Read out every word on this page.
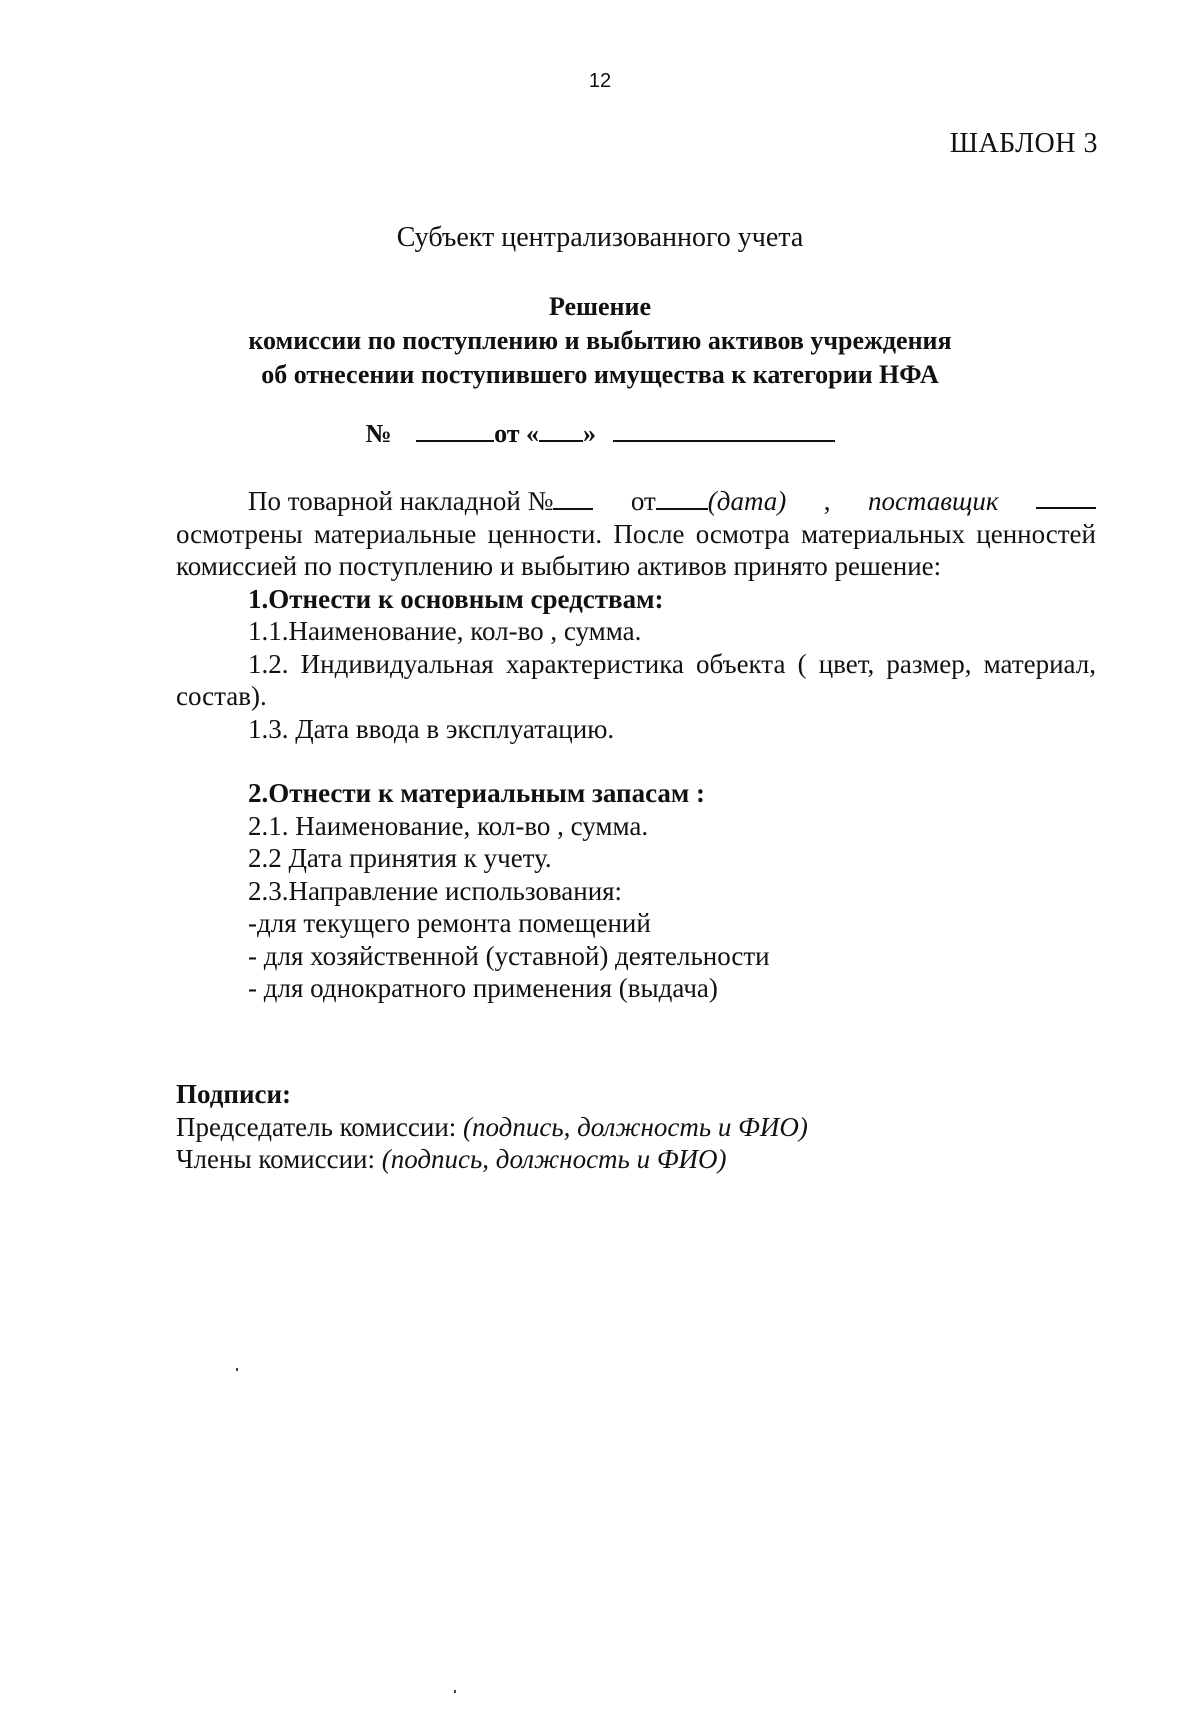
12
ШАБЛОН 3
Субъект централизованного учета
Решение
комиссии по поступлению и выбытию активов учреждения
об отнесении поступившего имущества к категории НФА
№	от « »
По товарной накладной №	от (дата) , поставщик

осмотрены материальные ценности. После осмотра материальных ценностей комиссией по поступлению и выбытию активов принято решение:

1.Отнести к основным средствам:

1.1.Наименование, кол-во , сумма.

1.2. Индивидуальная характеристика объекта ( цвет, размер, материал, состав).

1.3. Дата ввода в эксплуатацию.

2.Отнести к материальным запасам :

2.1. Наименование, кол-во , сумма.

2.2 Дата принятия к учету.

2.3.Направление использования:

-для текущего ремонта помещений

- для хозяйственной (уставной) деятельности

- для однократного применения (выдача)

Подписи:

Председатель комиссии: (подпись, должность и ФИО)

Члены комиссии: (подпись, должность и ФИО)
